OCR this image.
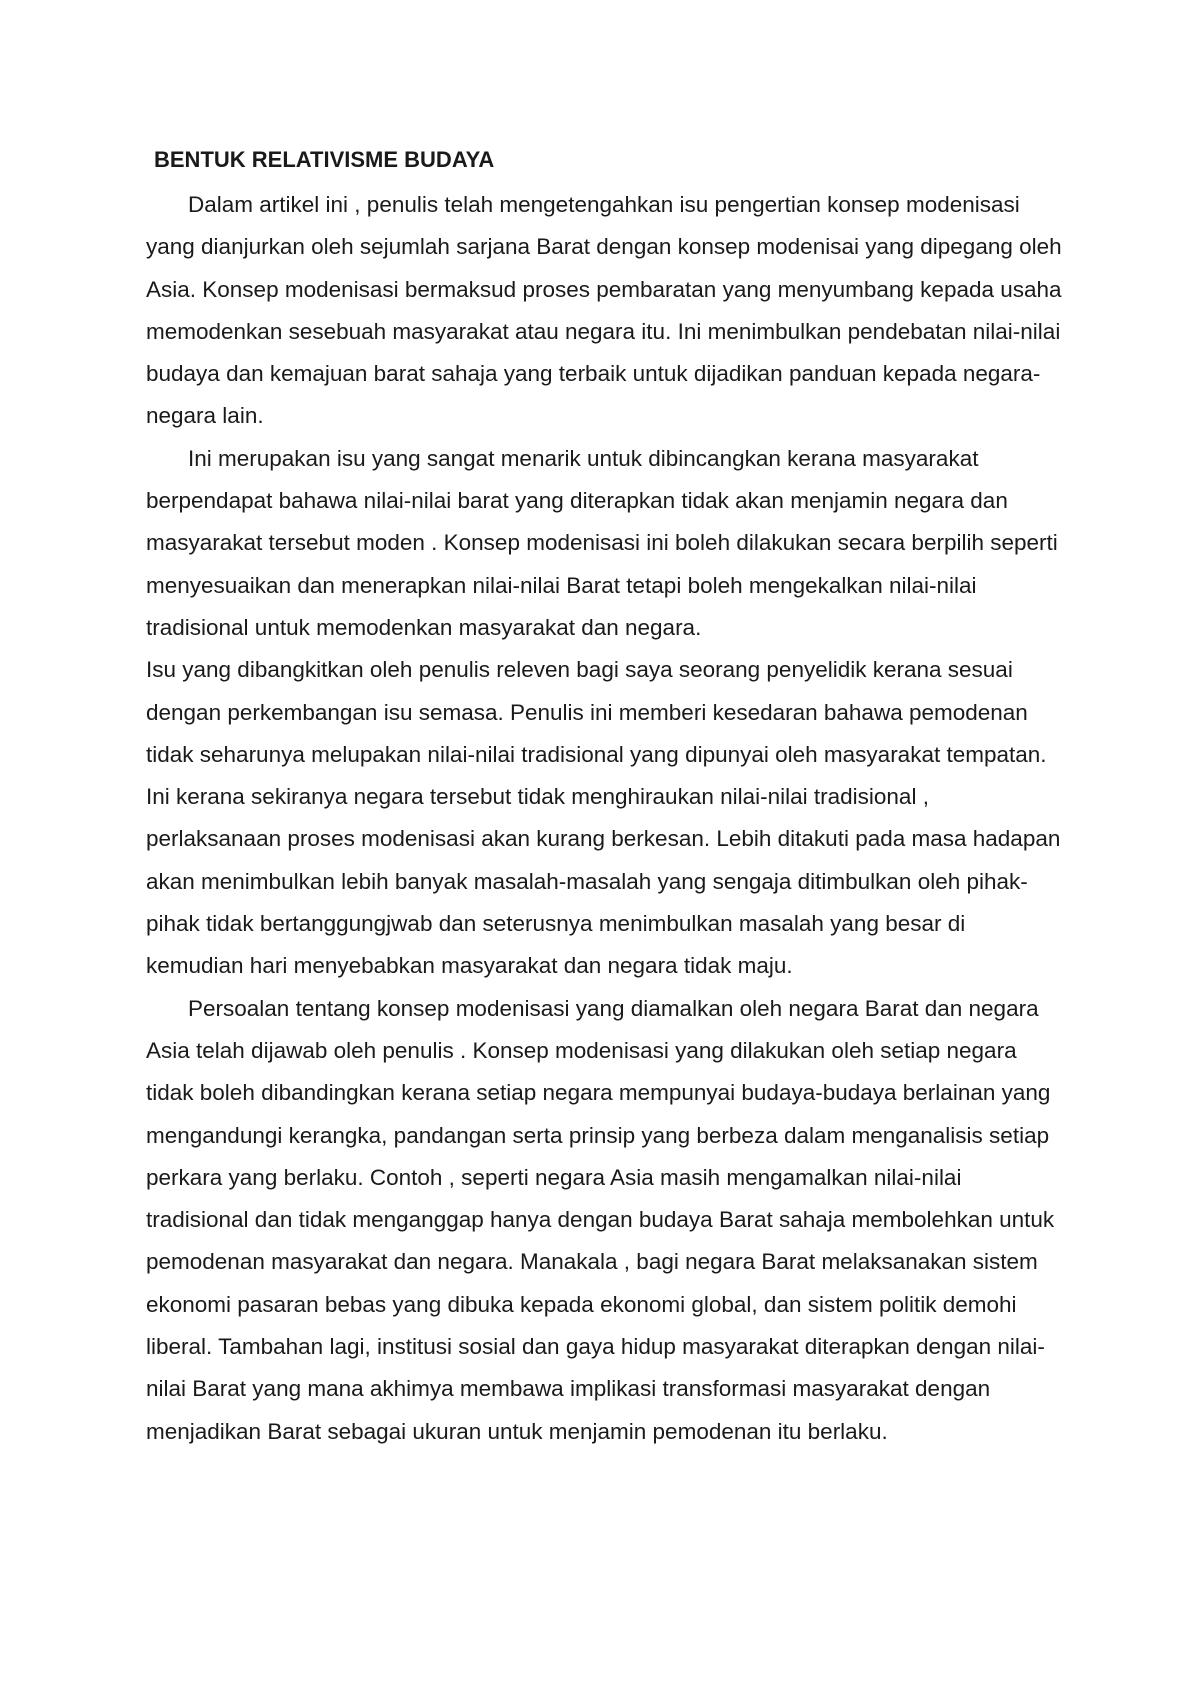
BENTUK RELATIVISME BUDAYA

Dalam artikel ini , penulis telah mengetengahkan isu pengertian konsep modenisasi yang dianjurkan oleh sejumlah sarjana Barat dengan konsep modenisai yang dipegang oleh Asia. Konsep modenisasi bermaksud proses pembaratan yang menyumbang kepada usaha memodenkan sesebuah masyarakat atau negara itu. Ini menimbulkan pendebatan nilai-nilai budaya dan kemajuan barat sahaja yang terbaik untuk dijadikan panduan kepada negara-negara lain.

Ini merupakan isu yang sangat menarik untuk dibincangkan kerana masyarakat berpendapat bahawa nilai-nilai barat yang diterapkan tidak akan menjamin negara dan masyarakat tersebut moden . Konsep modenisasi ini boleh dilakukan secara berpilih seperti menyesuaikan dan menerapkan nilai-nilai Barat tetapi boleh mengekalkan nilai-nilai tradisional untuk memodenkan masyarakat dan negara.

Isu yang dibangkitkan oleh penulis releven bagi saya seorang penyelidik kerana sesuai dengan perkembangan isu semasa. Penulis ini memberi kesedaran bahawa pemodenan tidak seharunya melupakan nilai-nilai tradisional yang dipunyai oleh masyarakat tempatan. Ini kerana sekiranya negara tersebut tidak menghiraukan nilai-nilai tradisional , perlaksanaan proses modenisasi akan kurang berkesan. Lebih ditakuti pada masa hadapan akan menimbulkan lebih banyak masalah-masalah yang sengaja ditimbulkan oleh pihak-pihak tidak bertanggungjwab dan seterusnya menimbulkan masalah yang besar di kemudian hari menyebabkan masyarakat dan negara tidak maju.

Persoalan tentang konsep modenisasi yang diamalkan oleh negara Barat dan negara Asia telah dijawab oleh penulis . Konsep modenisasi yang dilakukan oleh setiap negara tidak boleh dibandingkan kerana setiap negara mempunyai budaya-budaya berlainan yang mengandungi kerangka, pandangan serta prinsip yang berbeza dalam menganalisis setiap perkara yang berlaku. Contoh , seperti negara Asia masih mengamalkan nilai-nilai tradisional dan tidak menganggap hanya dengan budaya Barat sahaja membolehkan untuk pemodenan masyarakat dan negara. Manakala , bagi negara Barat melaksanakan sistem ekonomi pasaran bebas yang dibuka kepada ekonomi global, dan sistem politik demohi liberal. Tambahan lagi, institusi sosial dan gaya hidup masyarakat diterapkan dengan nilai-nilai Barat yang mana akhimya membawa implikasi transformasi masyarakat dengan menjadikan Barat sebagai ukuran untuk menjamin pemodenan itu berlaku.
